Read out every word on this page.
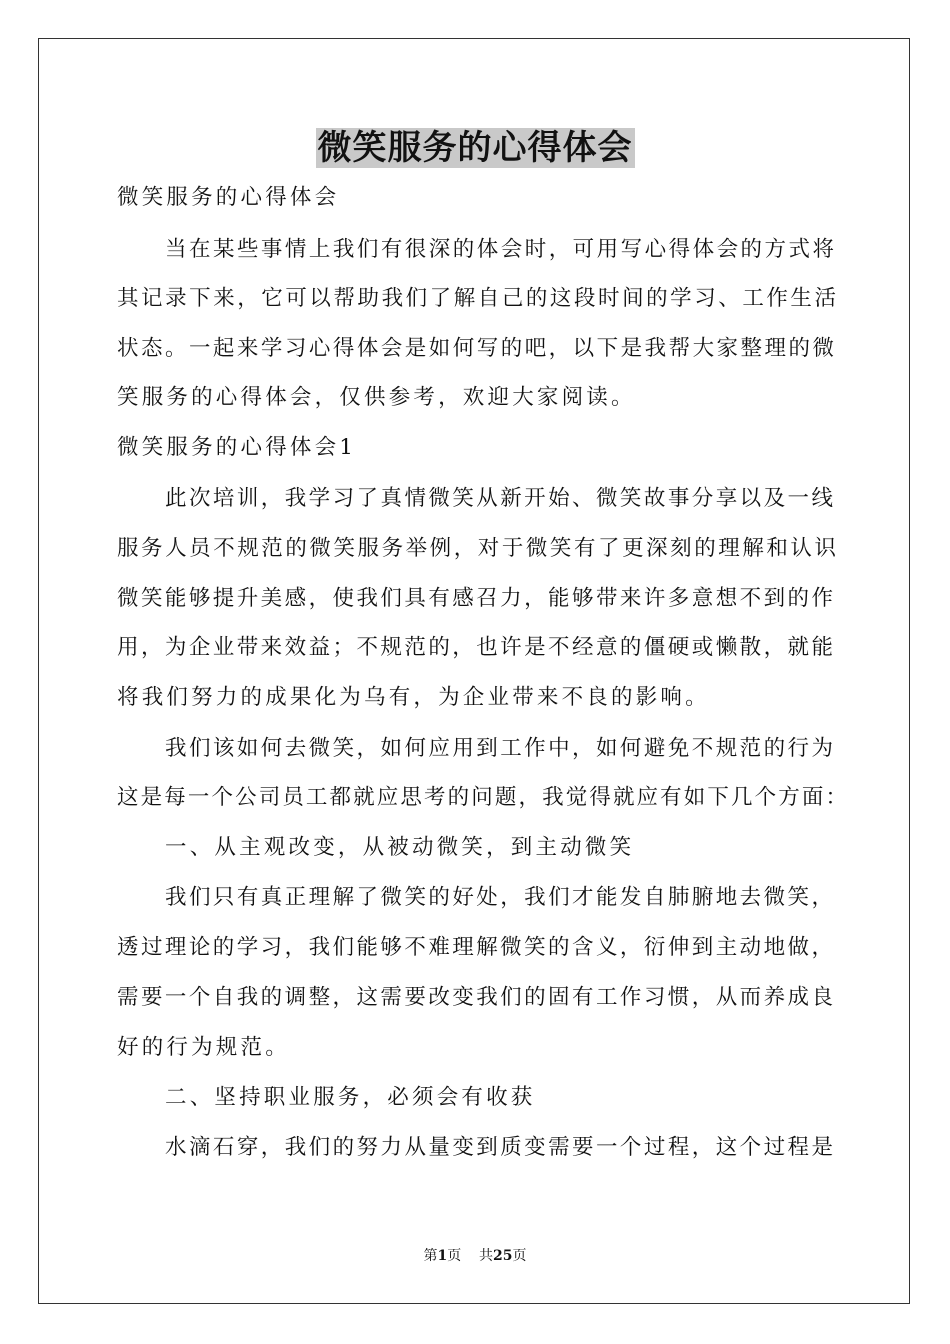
微笑服务的心得体会
微笑服务的心得体会
当在某些事情上我们有很深的体会时，可用写心得体会的方式将
其记录下来，它可以帮助我们了解自己的这段时间的学习、工作生活
状态。一起来学习心得体会是如何写的吧，以下是我帮大家整理的微
笑服务的心得体会，仅供参考，欢迎大家阅读。
微笑服务的心得体会1
此次培训，我学习了真情微笑从新开始、微笑故事分享以及一线
服务人员不规范的微笑服务举例，对于微笑有了更深刻的理解和认识
微笑能够提升美感，使我们具有感召力，能够带来许多意想不到的作
用，为企业带来效益；不规范的，也许是不经意的僵硬或懒散，就能
将我们努力的成果化为乌有，为企业带来不良的影响。
我们该如何去微笑，如何应用到工作中，如何避免不规范的行为
这是每一个公司员工都就应思考的问题，我觉得就应有如下几个方面：
一、从主观改变，从被动微笑，到主动微笑
我们只有真正理解了微笑的好处，我们才能发自肺腑地去微笑，
透过理论的学习，我们能够不难理解微笑的含义，衍伸到主动地做，
需要一个自我的调整，这需要改变我们的固有工作习惯，从而养成良
好的行为规范。
二、坚持职业服务，必须会有收获
水滴石穿，我们的努力从量变到质变需要一个过程，这个过程是
第1页 共25页
